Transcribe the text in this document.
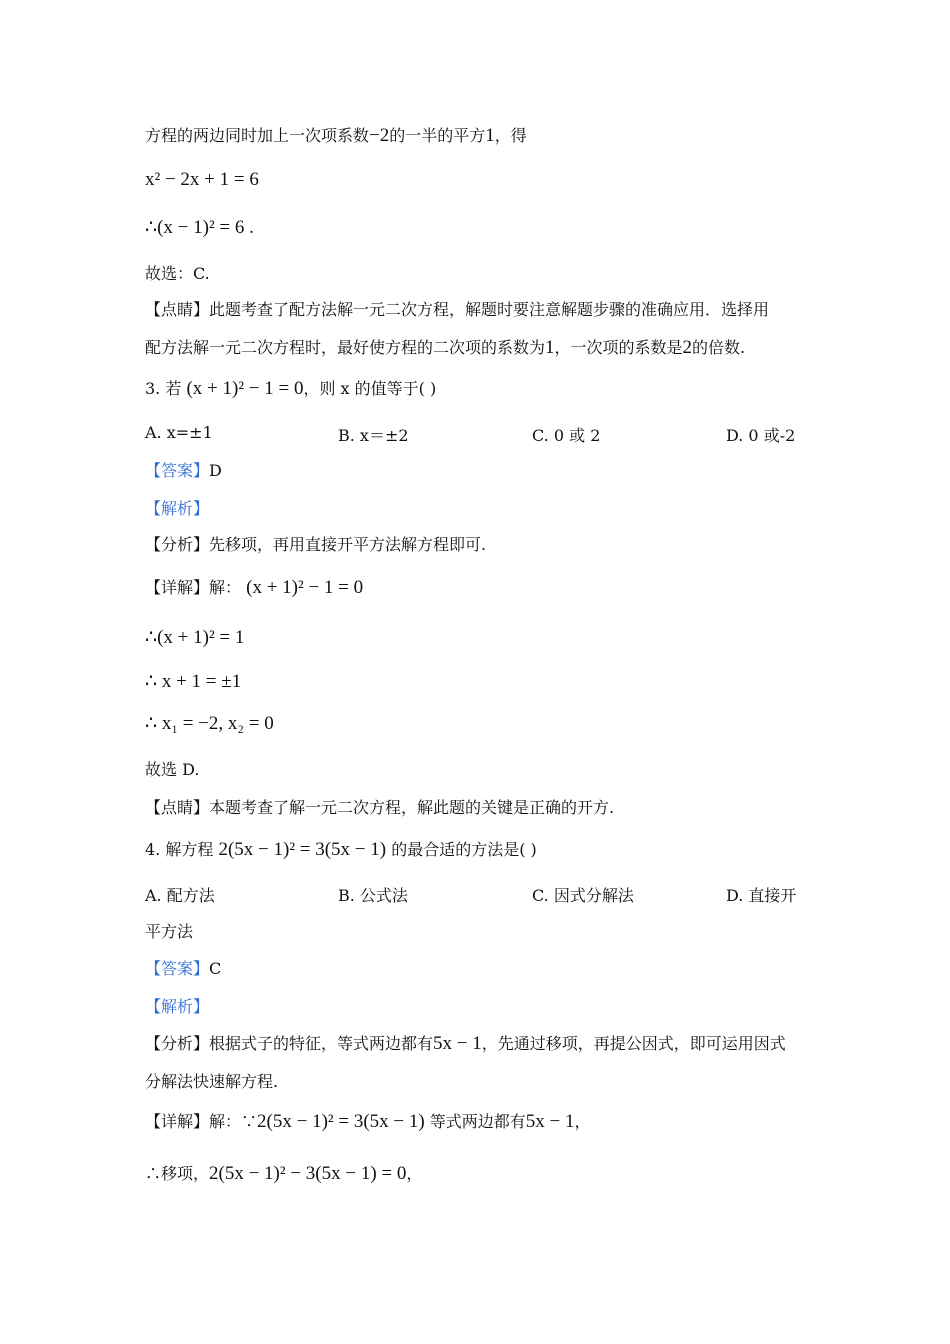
方程的两边同时加上一次项系数−2的一半的平方1，得
x² − 2x + 1 = 6
∴(x − 1)² = 6 .
故选：C.
【点睛】此题考查了配方法解一元二次方程，解题时要注意解题步骤的准确应用．选择用
配方法解一元二次方程时，最好使方程的二次项的系数为1，一次项的系数是2的倍数.
3. 若 (x + 1)² − 1 = 0，则 x 的值等于( )
A. x=±1	B. x＝±2	C. 0 或 2	D. 0 或-2
【答案】D
【解析】
【分析】先移项，再用直接开平方法解方程即可.
【详解】解： (x + 1)² − 1 = 0
∴(x + 1)² = 1
∴ x + 1 = ±1
∴ x₁ = −2, x₂ = 0
故选 D.
【点睛】本题考查了解一元二次方程，解此题的关键是正确的开方.
4. 解方程 2(5x − 1)² = 3(5x − 1) 的最合适的方法是( )
A. 配方法	B. 公式法	C. 因式分解法	D. 直接开
平方法
【答案】C
【解析】
【分析】根据式子的特征，等式两边都有5x − 1，先通过移项，再提公因式，即可运用因式
分解法快速解方程.
【详解】解：∵2(5x − 1)² = 3(5x − 1) 等式两边都有5x − 1，
∴移项，2(5x − 1)² − 3(5x − 1) = 0，
